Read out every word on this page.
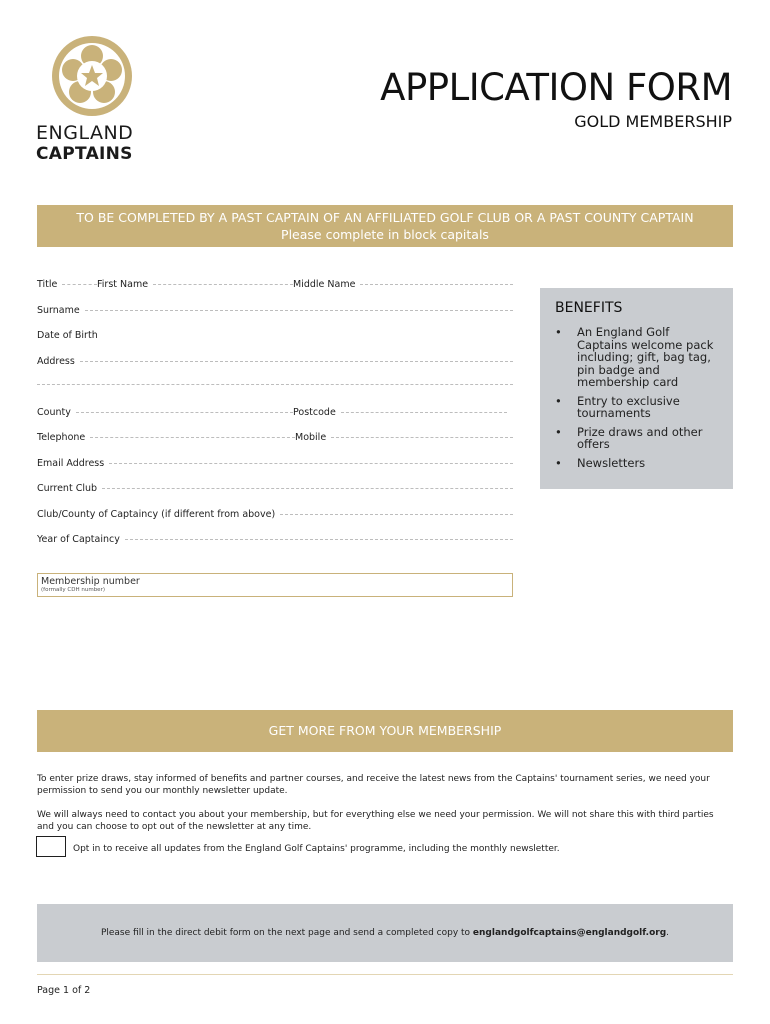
ENGLAND
CAPTAINS
APPLICATION FORM
GOLD MEMBERSHIP
TO BE COMPLETED BY A PAST CAPTAIN OF AN AFFILIATED GOLF CLUB OR A PAST COUNTY CAPTAIN
Please complete in block capitals
Title	First Name	Middle Name
Surname
Date of Birth
Address
County	Postcode
Telephone	Mobile
Email Address
Current Club
Club/County of Captaincy (if different from above)
Year of Captaincy
BENEFITS
• An England Golf Captains welcome pack including; gift, bag tag, pin badge and membership card
• Entry to exclusive tournaments
• Prize draws and other offers
• Newsletters
Membership number
(formally CDH number)
GET MORE FROM YOUR MEMBERSHIP

To enter prize draws, stay informed of benefits and partner courses, and receive the latest news from the Captains' tournament series, we need your permission to send you our monthly newsletter update.

We will always need to contact you about your membership, but for everything else we need your permission. We will not share this with third parties and you can choose to opt out of the newsletter at any time.

Opt in to receive all updates from the England Golf Captains' programme, including the monthly newsletter.
Please fill in the direct debit form on the next page and send a completed copy to englandgolfcaptains@englandgolf.org.
Page 1 of 2
